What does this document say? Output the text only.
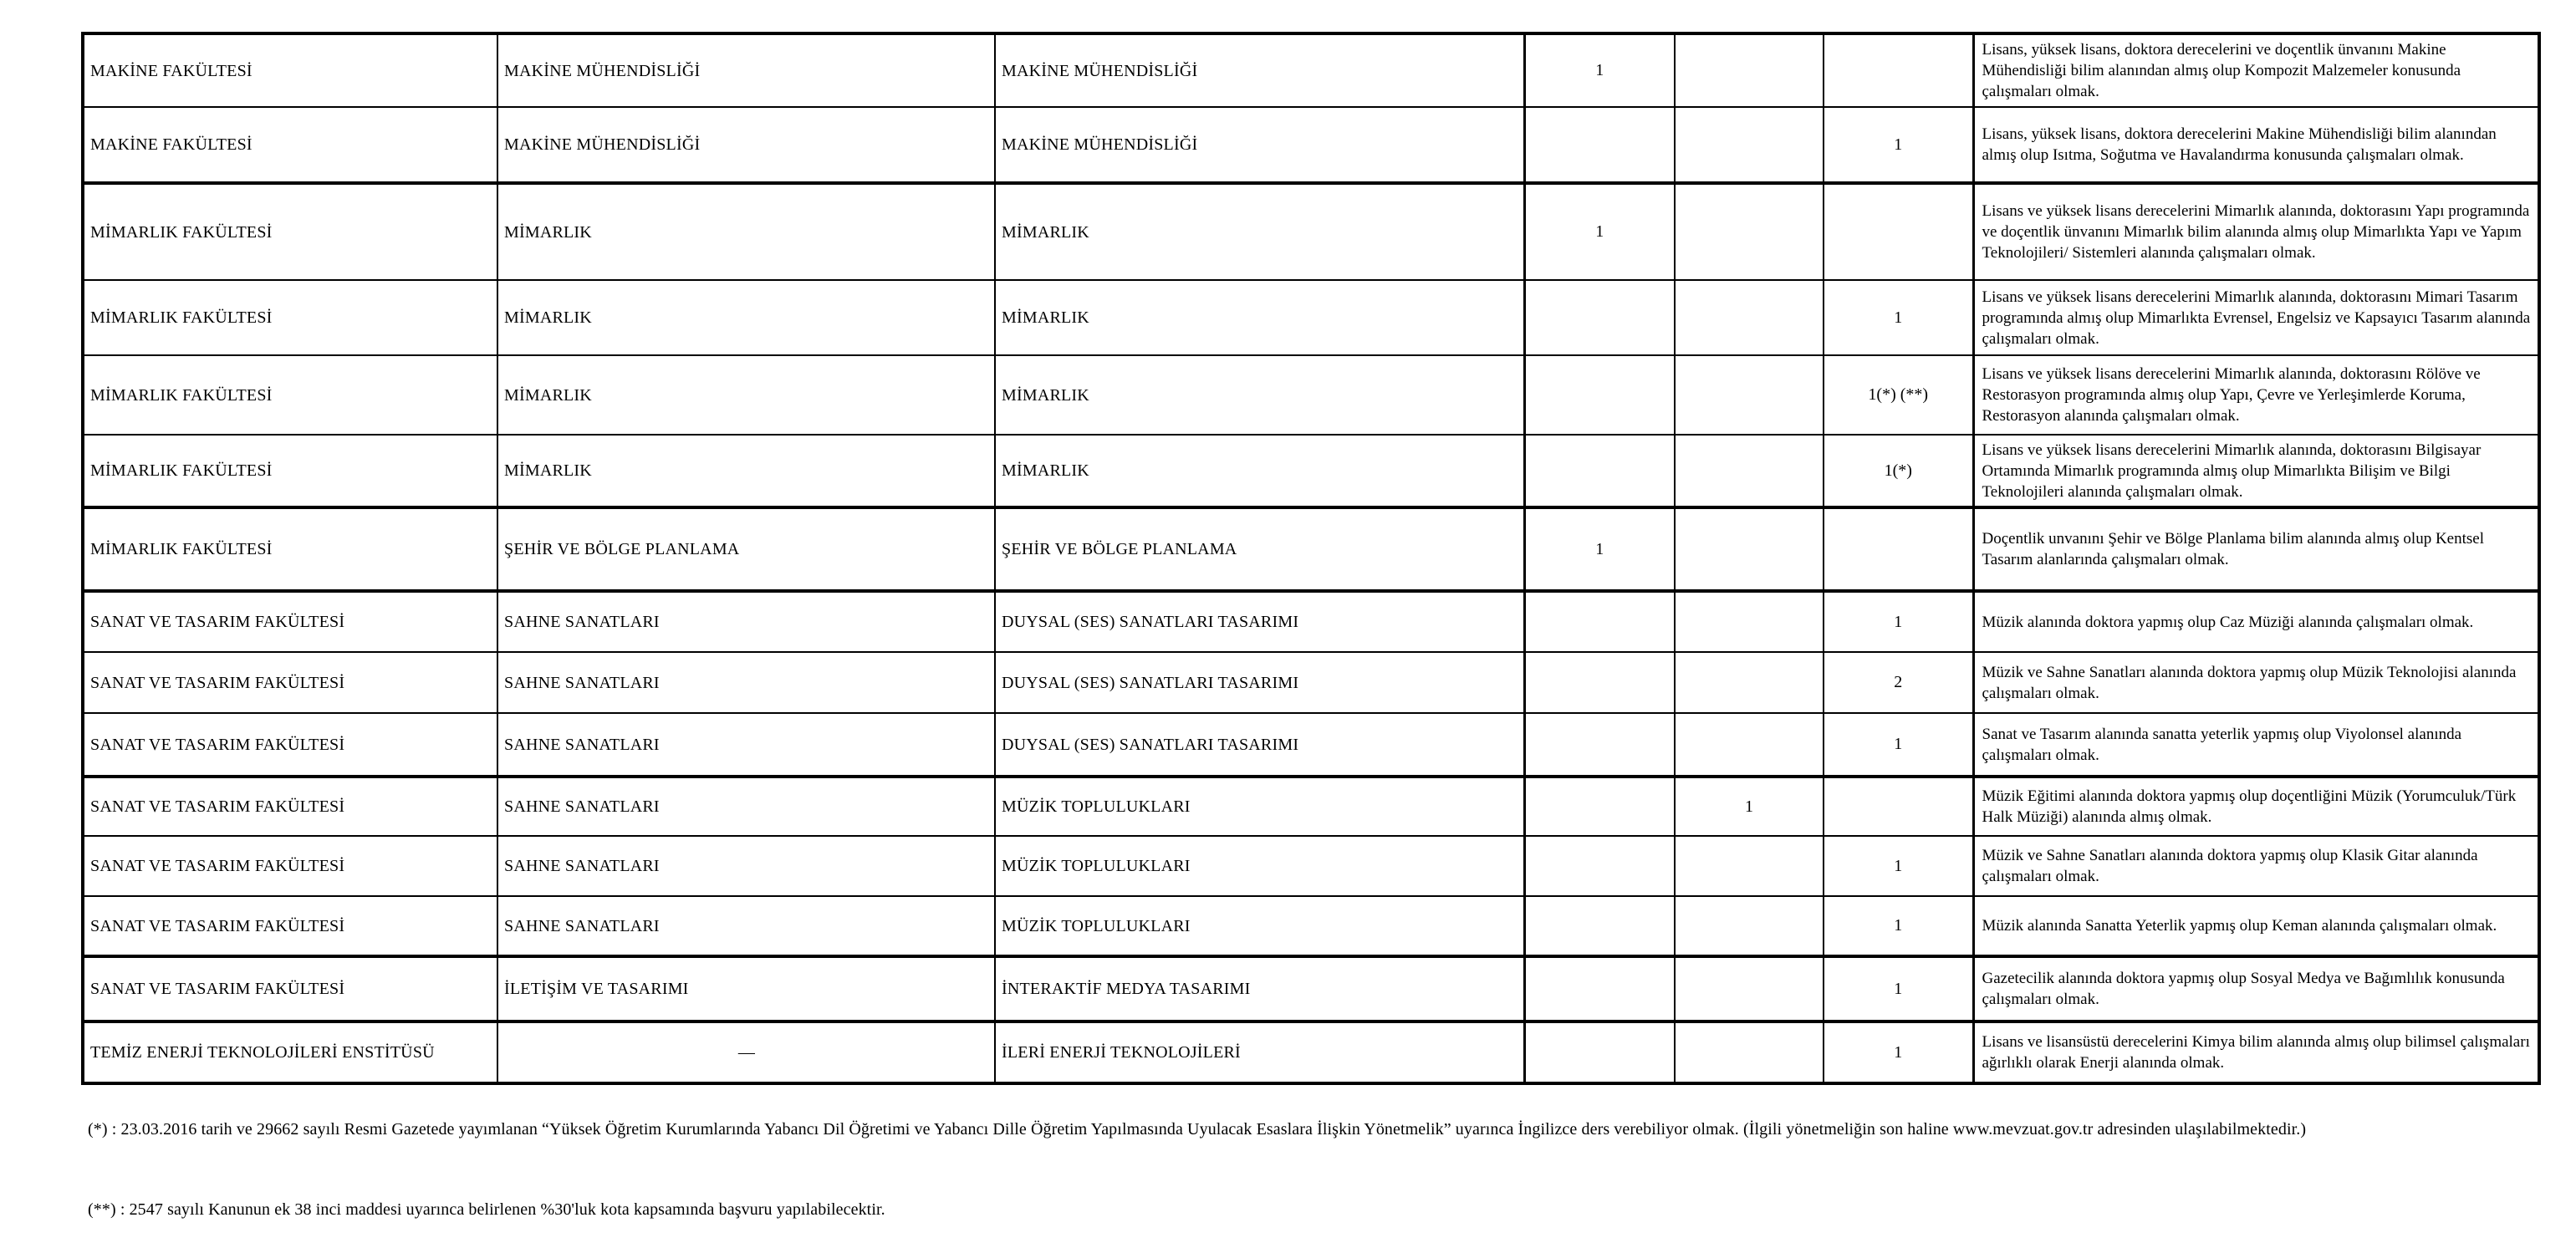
MAKİNE FAKÜLTESİ	MAKİNE MÜHENDİSLİĞİ	MAKİNE MÜHENDİSLİĞİ	1			Lisans, yüksek lisans, doktora derecelerini ve doçentlik ünvanını Makine Mühendisliği bilim alanından almış olup Kompozit Malzemeler konusunda çalışmaları olmak.
MAKİNE FAKÜLTESİ	MAKİNE MÜHENDİSLİĞİ	MAKİNE MÜHENDİSLİĞİ			1	Lisans, yüksek lisans, doktora derecelerini Makine Mühendisliği bilim alanından almış olup Isıtma, Soğutma ve Havalandırma konusunda çalışmaları olmak.
MİMARLIK FAKÜLTESİ	MİMARLIK	MİMARLIK	1			Lisans ve yüksek lisans derecelerini Mimarlık alanında, doktorasını Yapı programında ve doçentlik ünvanını Mimarlık bilim alanında almış olup Mimarlıkta Yapı ve Yapım Teknolojileri/ Sistemleri alanında çalışmaları olmak.
MİMARLIK FAKÜLTESİ	MİMARLIK	MİMARLIK			1	Lisans ve yüksek lisans derecelerini Mimarlık alanında, doktorasını Mimari Tasarım programında almış olup Mimarlıkta Evrensel, Engelsiz ve Kapsayıcı Tasarım alanında çalışmaları olmak.
MİMARLIK FAKÜLTESİ	MİMARLIK	MİMARLIK			1(*) (**)	Lisans ve yüksek lisans derecelerini Mimarlık alanında, doktorasını Rölöve ve Restorasyon programında almış olup Yapı, Çevre ve Yerleşimlerde Koruma, Restorasyon alanında çalışmaları olmak.
MİMARLIK FAKÜLTESİ	MİMARLIK	MİMARLIK			1(*)	Lisans ve yüksek lisans derecelerini Mimarlık alanında, doktorasını Bilgisayar Ortamında Mimarlık programında almış olup Mimarlıkta Bilişim ve Bilgi Teknolojileri alanında çalışmaları olmak.
MİMARLIK FAKÜLTESİ	ŞEHİR VE BÖLGE PLANLAMA	ŞEHİR VE BÖLGE PLANLAMA	1			Doçentlik unvanını Şehir ve Bölge Planlama bilim alanında almış olup Kentsel Tasarım alanlarında çalışmaları olmak.
SANAT VE TASARIM FAKÜLTESİ	SAHNE SANATLARI	DUYSAL (SES) SANATLARI TASARIMI			1	Müzik alanında doktora yapmış olup Caz Müziği alanında çalışmaları olmak.
SANAT VE TASARIM FAKÜLTESİ	SAHNE SANATLARI	DUYSAL (SES) SANATLARI TASARIMI			2	Müzik ve Sahne Sanatları alanında doktora yapmış olup Müzik Teknolojisi alanında çalışmaları olmak.
SANAT VE TASARIM FAKÜLTESİ	SAHNE SANATLARI	DUYSAL (SES) SANATLARI TASARIMI			1	Sanat ve Tasarım alanında sanatta yeterlik yapmış olup Viyolonsel alanında çalışmaları olmak.
SANAT VE TASARIM FAKÜLTESİ	SAHNE SANATLARI	MÜZİK TOPLULUKLARI		1		Müzik Eğitimi alanında doktora yapmış olup doçentliğini Müzik (Yorumculuk/Türk Halk Müziği) alanında almış olmak.
SANAT VE TASARIM FAKÜLTESİ	SAHNE SANATLARI	MÜZİK TOPLULUKLARI			1	Müzik ve Sahne Sanatları alanında doktora yapmış olup Klasik Gitar alanında çalışmaları olmak.
SANAT VE TASARIM FAKÜLTESİ	SAHNE SANATLARI	MÜZİK TOPLULUKLARI			1	Müzik alanında Sanatta Yeterlik yapmış olup Keman alanında çalışmaları olmak.
SANAT VE TASARIM FAKÜLTESİ	İLETİŞİM VE TASARIMI	İNTERAKTİF MEDYA TASARIMI			1	Gazetecilik alanında doktora yapmış olup Sosyal Medya ve Bağımlılık konusunda çalışmaları olmak.
TEMİZ ENERJİ TEKNOLOJİLERİ ENSTİTÜSÜ	—	İLERİ ENERJİ TEKNOLOJİLERİ			1	Lisans ve lisansüstü derecelerini Kimya bilim alanında almış olup bilimsel çalışmaları ağırlıklı olarak Enerji alanında olmak.
(*) : 23.03.2016 tarih ve 29662 sayılı Resmi Gazetede yayımlanan “Yüksek Öğretim Kurumlarında Yabancı Dil Öğretimi ve Yabancı Dille Öğretim Yapılmasında Uyulacak Esaslara İlişkin Yönetmelik” uyarınca İngilizce ders verebiliyor olmak. (İlgili yönetmeliğin son haline www.mevzuat.gov.tr adresinden ulaşılabilmektedir.)
(**) : 2547 sayılı Kanunun ek 38 inci maddesi uyarınca belirlenen %30'luk kota kapsamında başvuru yapılabilecektir.
